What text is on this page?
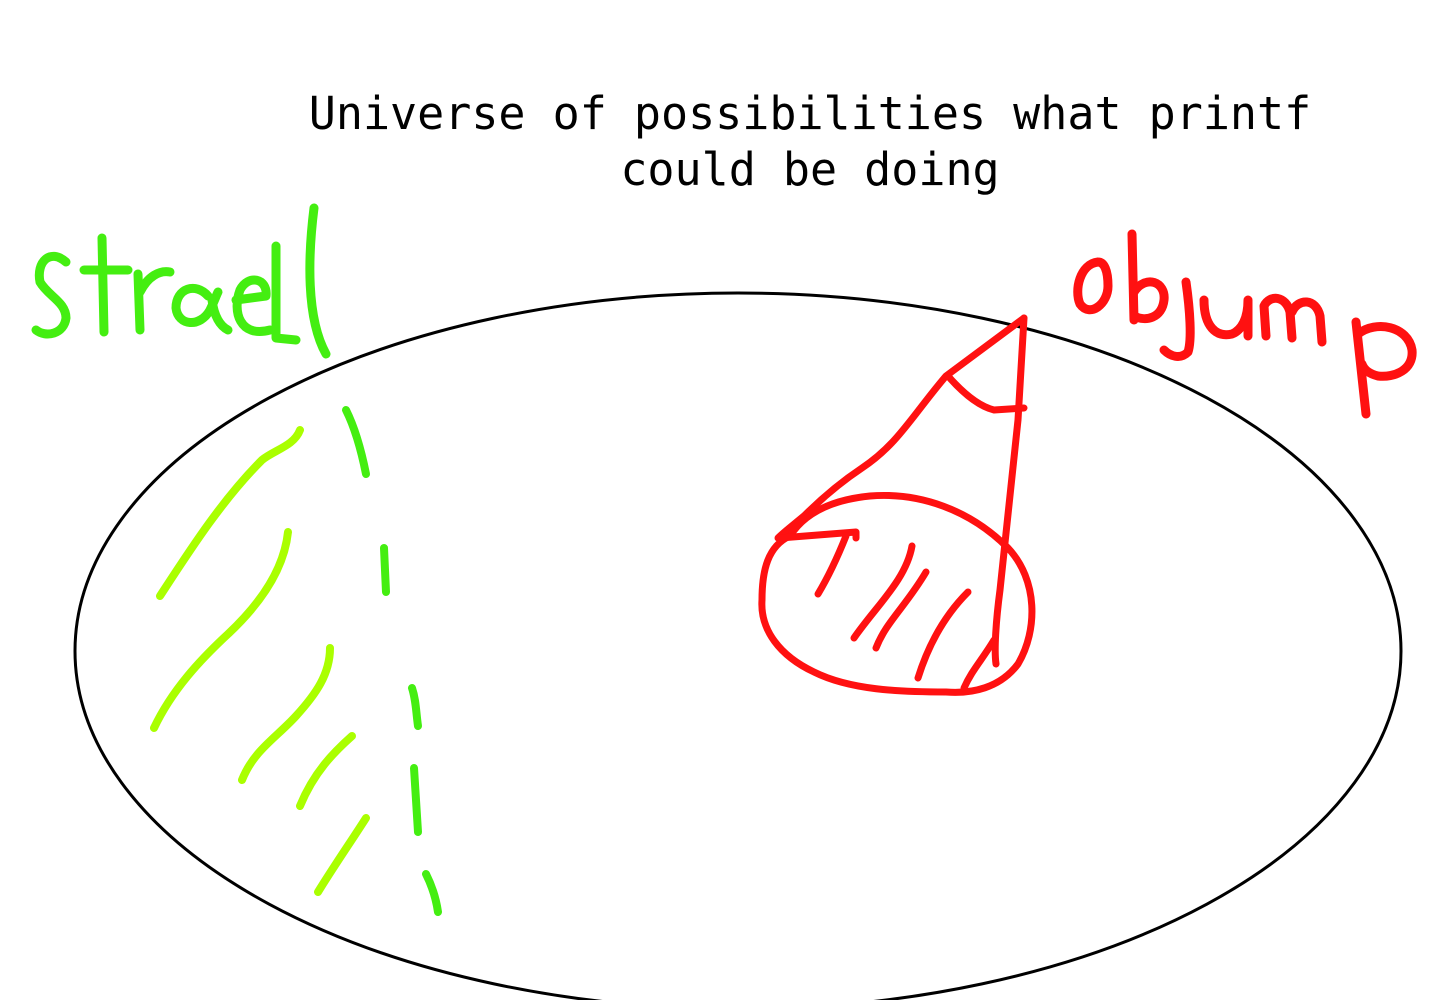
Universe of possibilities what printf
could be doing
